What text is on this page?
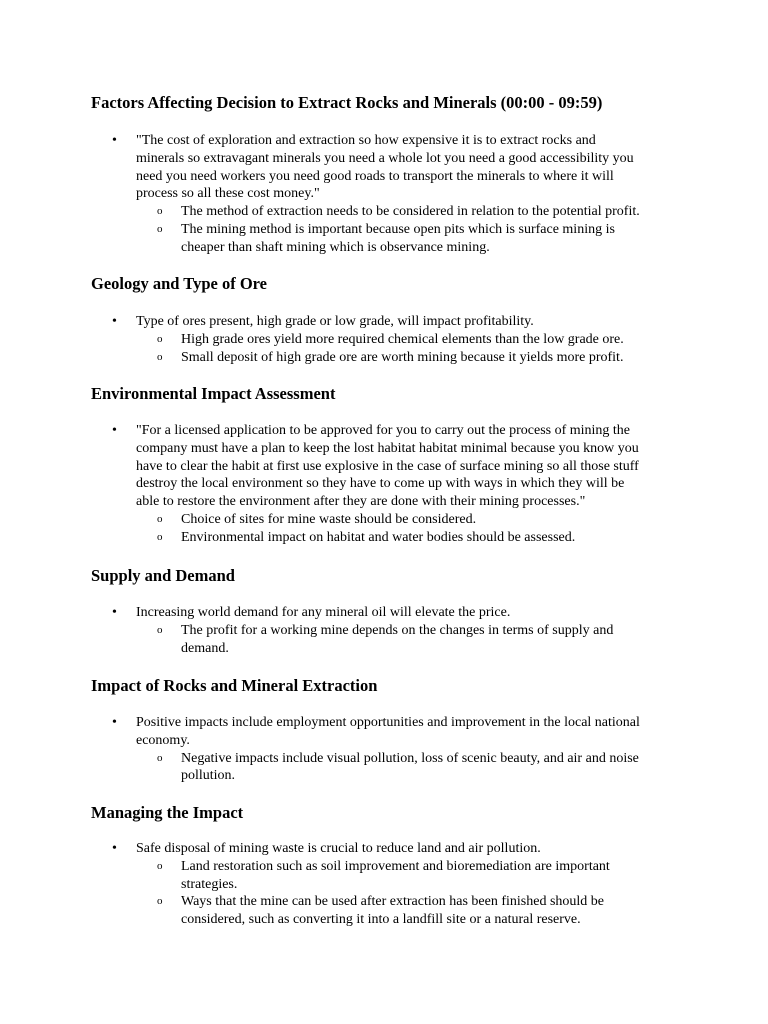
Factors Affecting Decision to Extract Rocks and Minerals (00:00 - 09:59)
• "The cost of exploration and extraction so how expensive it is to extract rocks and
minerals so extravagant minerals you need a whole lot you need a good accessibility you
need you need workers you need good roads to transport the minerals to where it will
process so all these cost money."
o The method of extraction needs to be considered in relation to the potential profit.
o The mining method is important because open pits which is surface mining is
cheaper than shaft mining which is observance mining.
Geology and Type of Ore
• Type of ores present, high grade or low grade, will impact profitability.
o High grade ores yield more required chemical elements than the low grade ore.
o Small deposit of high grade ore are worth mining because it yields more profit.
Environmental Impact Assessment
• "For a licensed application to be approved for you to carry out the process of mining the
company must have a plan to keep the lost habitat habitat minimal because you know you
have to clear the habit at first use explosive in the case of surface mining so all those stuff
destroy the local environment so they have to come up with ways in which they will be
able to restore the environment after they are done with their mining processes."
o Choice of sites for mine waste should be considered.
o Environmental impact on habitat and water bodies should be assessed.
Supply and Demand
• Increasing world demand for any mineral oil will elevate the price.
o The profit for a working mine depends on the changes in terms of supply and
demand.
Impact of Rocks and Mineral Extraction
• Positive impacts include employment opportunities and improvement in the local national
economy.
o Negative impacts include visual pollution, loss of scenic beauty, and air and noise
pollution.
Managing the Impact
• Safe disposal of mining waste is crucial to reduce land and air pollution.
o Land restoration such as soil improvement and bioremediation are important
strategies.
o Ways that the mine can be used after extraction has been finished should be
considered, such as converting it into a landfill site or a natural reserve.
